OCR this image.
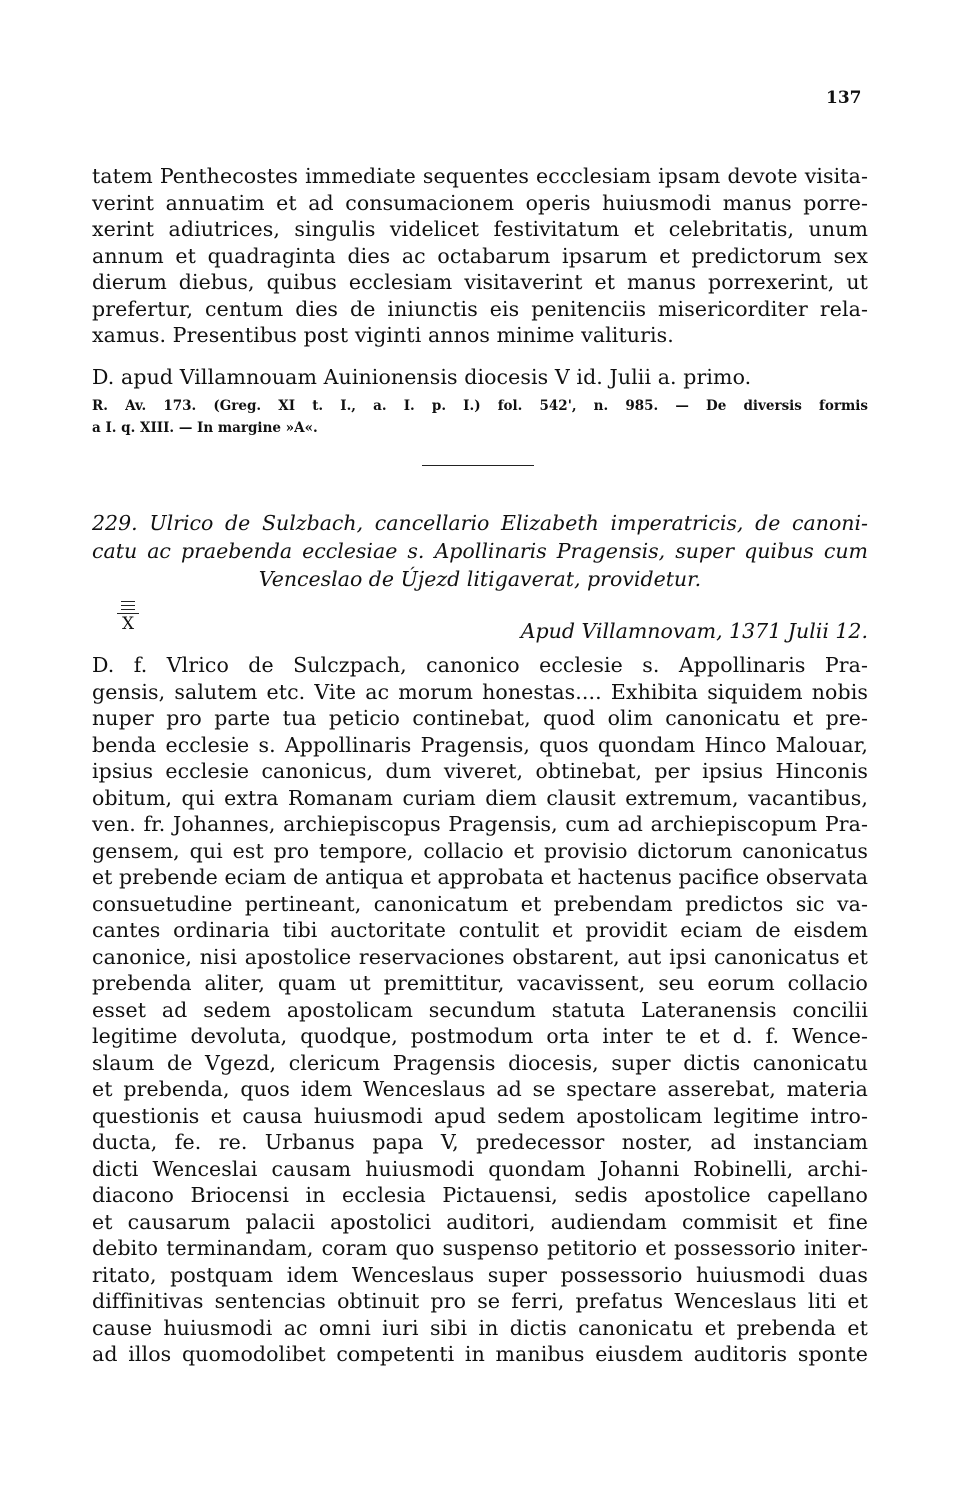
137
tatem Penthecostes immediate sequentes eccclesiam ipsam devote visita-
verint annuatim et ad consumacionem operis huiusmodi manus porre-
xerint adiutrices, singulis videlicet festivitatum et celebritatis, unum
annum et quadraginta dies ac octabarum ipsarum et predictorum sex
dierum diebus, quibus ecclesiam visitaverint et manus porrexerint, ut
prefertur, centum dies de iniunctis eis penitenciis misericorditer rela-
xamus. Presentibus post viginti annos minime valituris.
D. apud Villamnouam Auinionensis diocesis V id. Julii a. primo.
R. Av. 173. (Greg. XI t. I., a. I. p. I.) fol. 542', n. 985. — De diversis formis
a I. q. XIII. — In margine »A«.
229. Ulrico de Sulzbach, cancellario Elizabeth imperatricis, de canoni-
catu ac praebenda ecclesiae s. Apollinaris Pragensis, super quibus cum
Venceslao de Újezd litigaverat, providetur.
X	Apud Villamnovam, 1371 Julii 12.
D. f. Vlrico de Sulczpach, canonico ecclesie s. Appollinaris Pra-
gensis, salutem etc. Vite ac morum honestas.... Exhibita siquidem nobis
nuper pro parte tua peticio continebat, quod olim canonicatu et pre-
benda ecclesie s. Appollinaris Pragensis, quos quondam Hinco Malouar,
ipsius ecclesie canonicus, dum viveret, obtinebat, per ipsius Hinconis
obitum, qui extra Romanam curiam diem clausit extremum, vacantibus,
ven. fr. Johannes, archiepiscopus Pragensis, cum ad archiepiscopum Pra-
gensem, qui est pro tempore, collacio et provisio dictorum canonicatus
et prebende eciam de antiqua et approbata et hactenus pacifice observata
consuetudine pertineant, canonicatum et prebendam predictos sic va-
cantes ordinaria tibi auctoritate contulit et providit eciam de eisdem
canonice, nisi apostolice reservaciones obstarent, aut ipsi canonicatus et
prebenda aliter, quam ut premittitur, vacavissent, seu eorum collacio
esset ad sedem apostolicam secundum statuta Lateranensis concilii
legitime devoluta, quodque, postmodum orta inter te et d. f. Wence-
slaum de Vgezd, clericum Pragensis diocesis, super dictis canonicatu
et prebenda, quos idem Wenceslaus ad se spectare asserebat, materia
questionis et causa huiusmodi apud sedem apostolicam legitime intro-
ducta, fe. re. Urbanus papa V, predecessor noster, ad instanciam
dicti Wenceslai causam huiusmodi quondam Johanni Robinelli, archi-
diacono Briocensi in ecclesia Pictauensi, sedis apostolice capellano
et causarum palacii apostolici auditori, audiendam commisit et fine
debito terminandam, coram quo suspenso petitorio et possessorio initer-
ritato, postquam idem Wenceslaus super possessorio huiusmodi duas
diffinitivas sentencias obtinuit pro se ferri, prefatus Wenceslaus liti et
cause huiusmodi ac omni iuri sibi in dictis canonicatu et prebenda et
ad illos quomodolibet competenti in manibus eiusdem auditoris sponte
